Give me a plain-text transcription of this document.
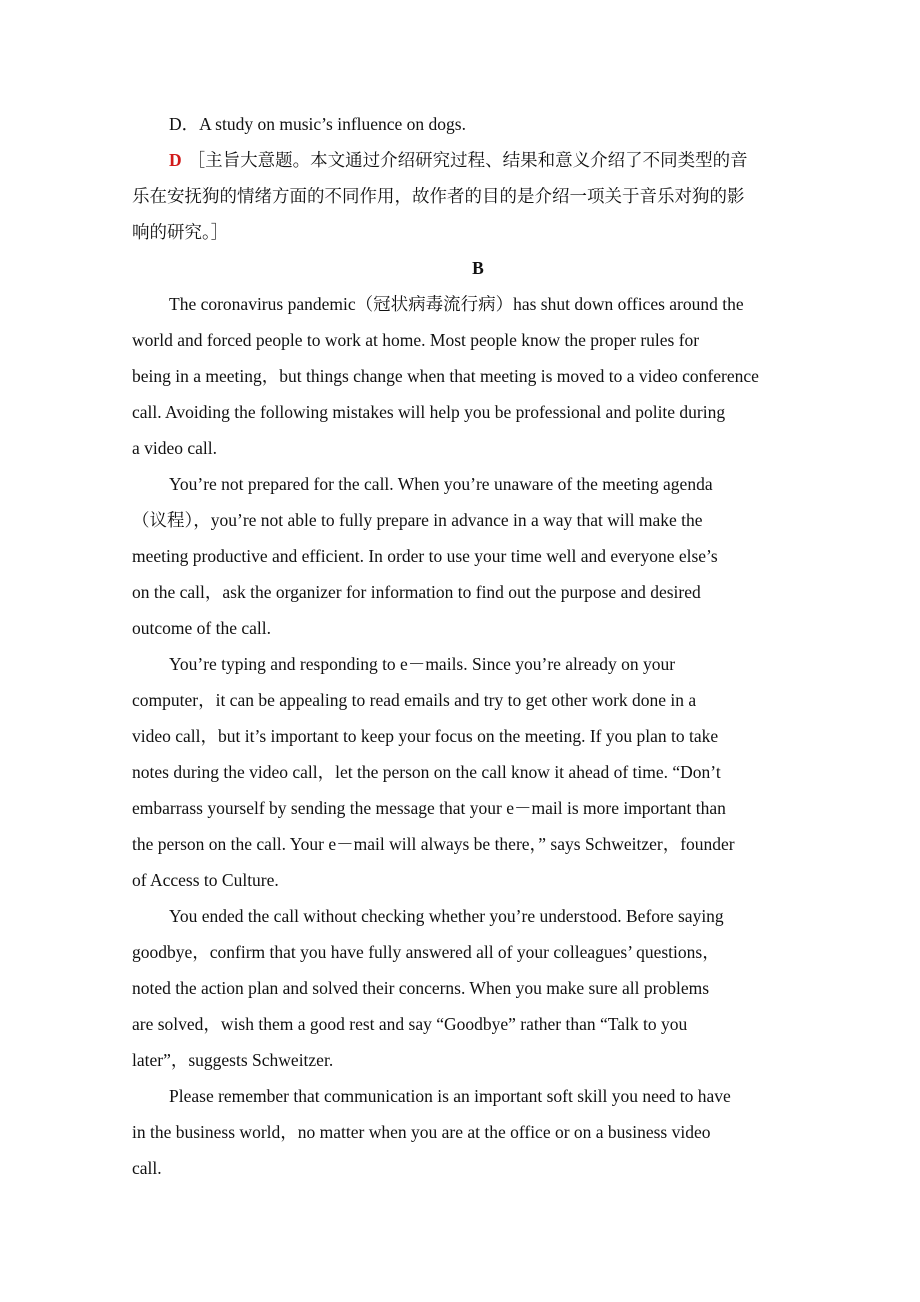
D．A study on music’s influence on dogs.
D ［主旨大意题。本文通过介绍研究过程、结果和意义介绍了不同类型的音
乐在安抚狗的情绪方面的不同作用，故作者的目的是介绍一项关于音乐对狗的影
响的研究。］
B
The coronavirus pandemic（冠状病毒流行病）has shut down offices around the
world and forced people to work at home. Most people know the proper rules for
being in a meeting，but things change when that meeting is moved to a video conference
call. Avoiding the following mistakes will help you be professional and polite during
a video call.
You’re not prepared for the call. When you’re unaware of the meeting agenda
（议程），you’re not able to fully prepare in advance in a way that will make the
meeting productive and efficient. In order to use your time well and everyone else’s
on the call，ask the organizer for information to find out the purpose and desired
outcome of the call.
You’re typing and responding to e－mails. Since you’re already on your
computer，it can be appealing to read emails and try to get other work done in a
video call，but it’s important to keep your focus on the meeting. If you plan to take
notes during the video call，let the person on the call know it ahead of time. “Don’t
embarrass yourself by sending the message that your e－mail is more important than
the person on the call. Your e－mail will always be there，” says Schweitzer，founder
of Access to Culture.
You ended the call without checking whether you’re understood. Before saying
goodbye，confirm that you have fully answered all of your colleagues’ questions，
noted the action plan and solved their concerns. When you make sure all problems
are solved，wish them a good rest and say “Goodbye” rather than “Talk to you
later”，suggests Schweitzer.
Please remember that communication is an important soft skill you need to have
in the business world，no matter when you are at the office or on a business video
call.
